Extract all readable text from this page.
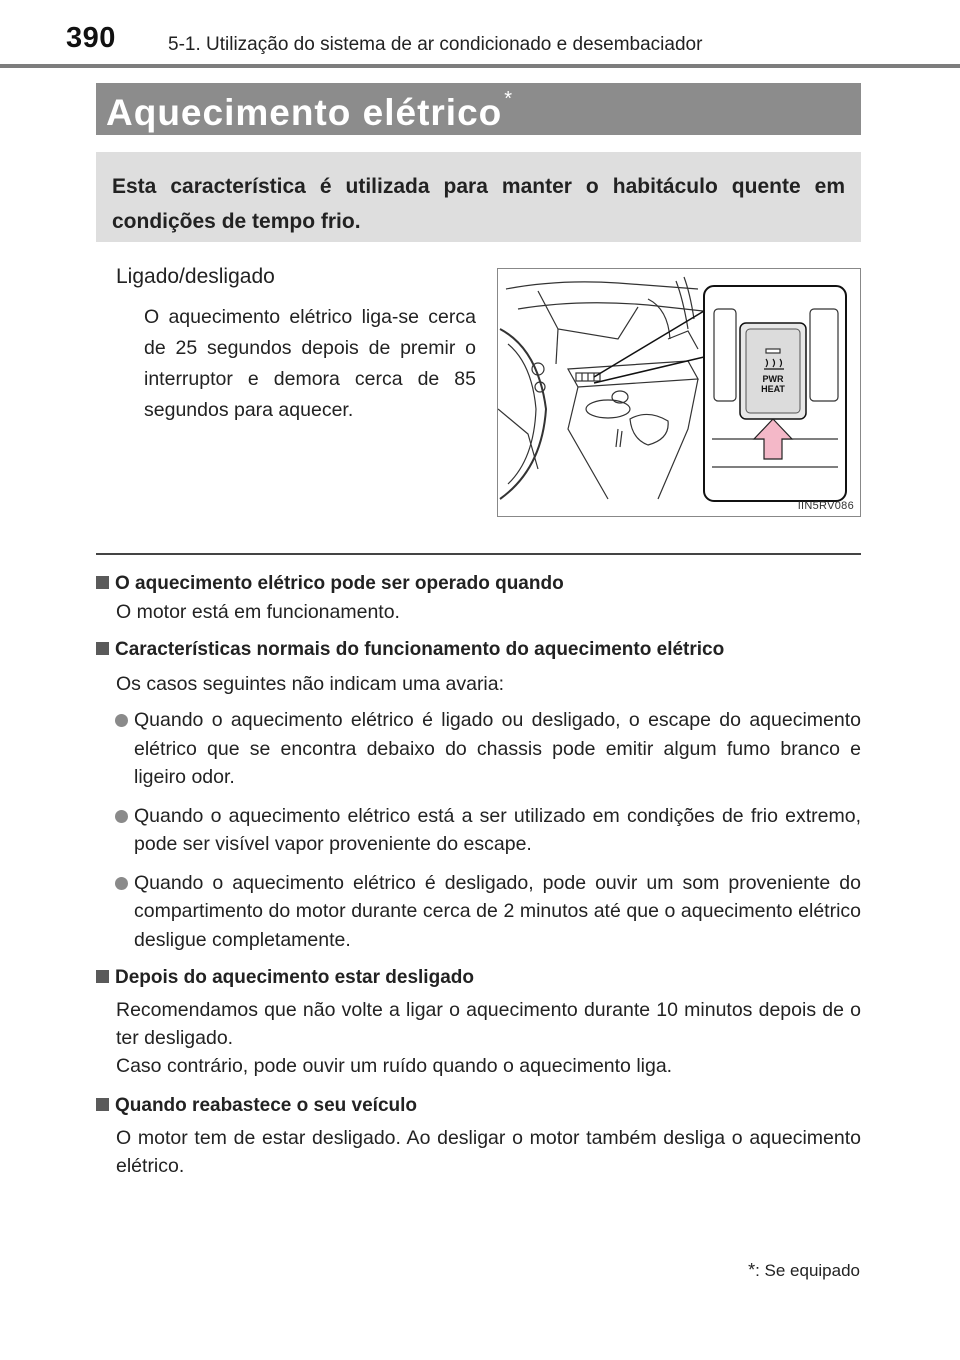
390	5-1. Utilização do sistema de ar condicionado e desembaciador
Aquecimento elétrico *
Esta característica é utilizada para manter o habitáculo quente em condições de tempo frio.
Ligado/desligado
O aquecimento elétrico liga-se cerca de 25 segundos depois de premir o interruptor e demora cerca de 85 segundos para aquecer.
PWR
HEAT
IIN5RV086
O aquecimento elétrico pode ser operado quando
O motor está em funcionamento.
Características normais do funcionamento do aquecimento elétrico
Os casos seguintes não indicam uma avaria:
Quando o aquecimento elétrico é ligado ou desligado, o escape do aquecimento elétrico que se encontra debaixo do chassis pode emitir algum fumo branco e ligeiro odor.
Quando o aquecimento elétrico está a ser utilizado em condições de frio extremo, pode ser visível vapor proveniente do escape.
Quando o aquecimento elétrico é desligado, pode ouvir um som proveniente do compartimento do motor durante cerca de 2 minutos até que o aquecimento elétrico desligue completamente.
Depois do aquecimento estar desligado
Recomendamos que não volte a ligar o aquecimento durante 10 minutos depois de o ter desligado.
Caso contrário, pode ouvir um ruído quando o aquecimento liga.
Quando reabastece o seu veículo
O motor tem de estar desligado. Ao desligar o motor também desliga o aquecimento elétrico.
*: Se equipado
